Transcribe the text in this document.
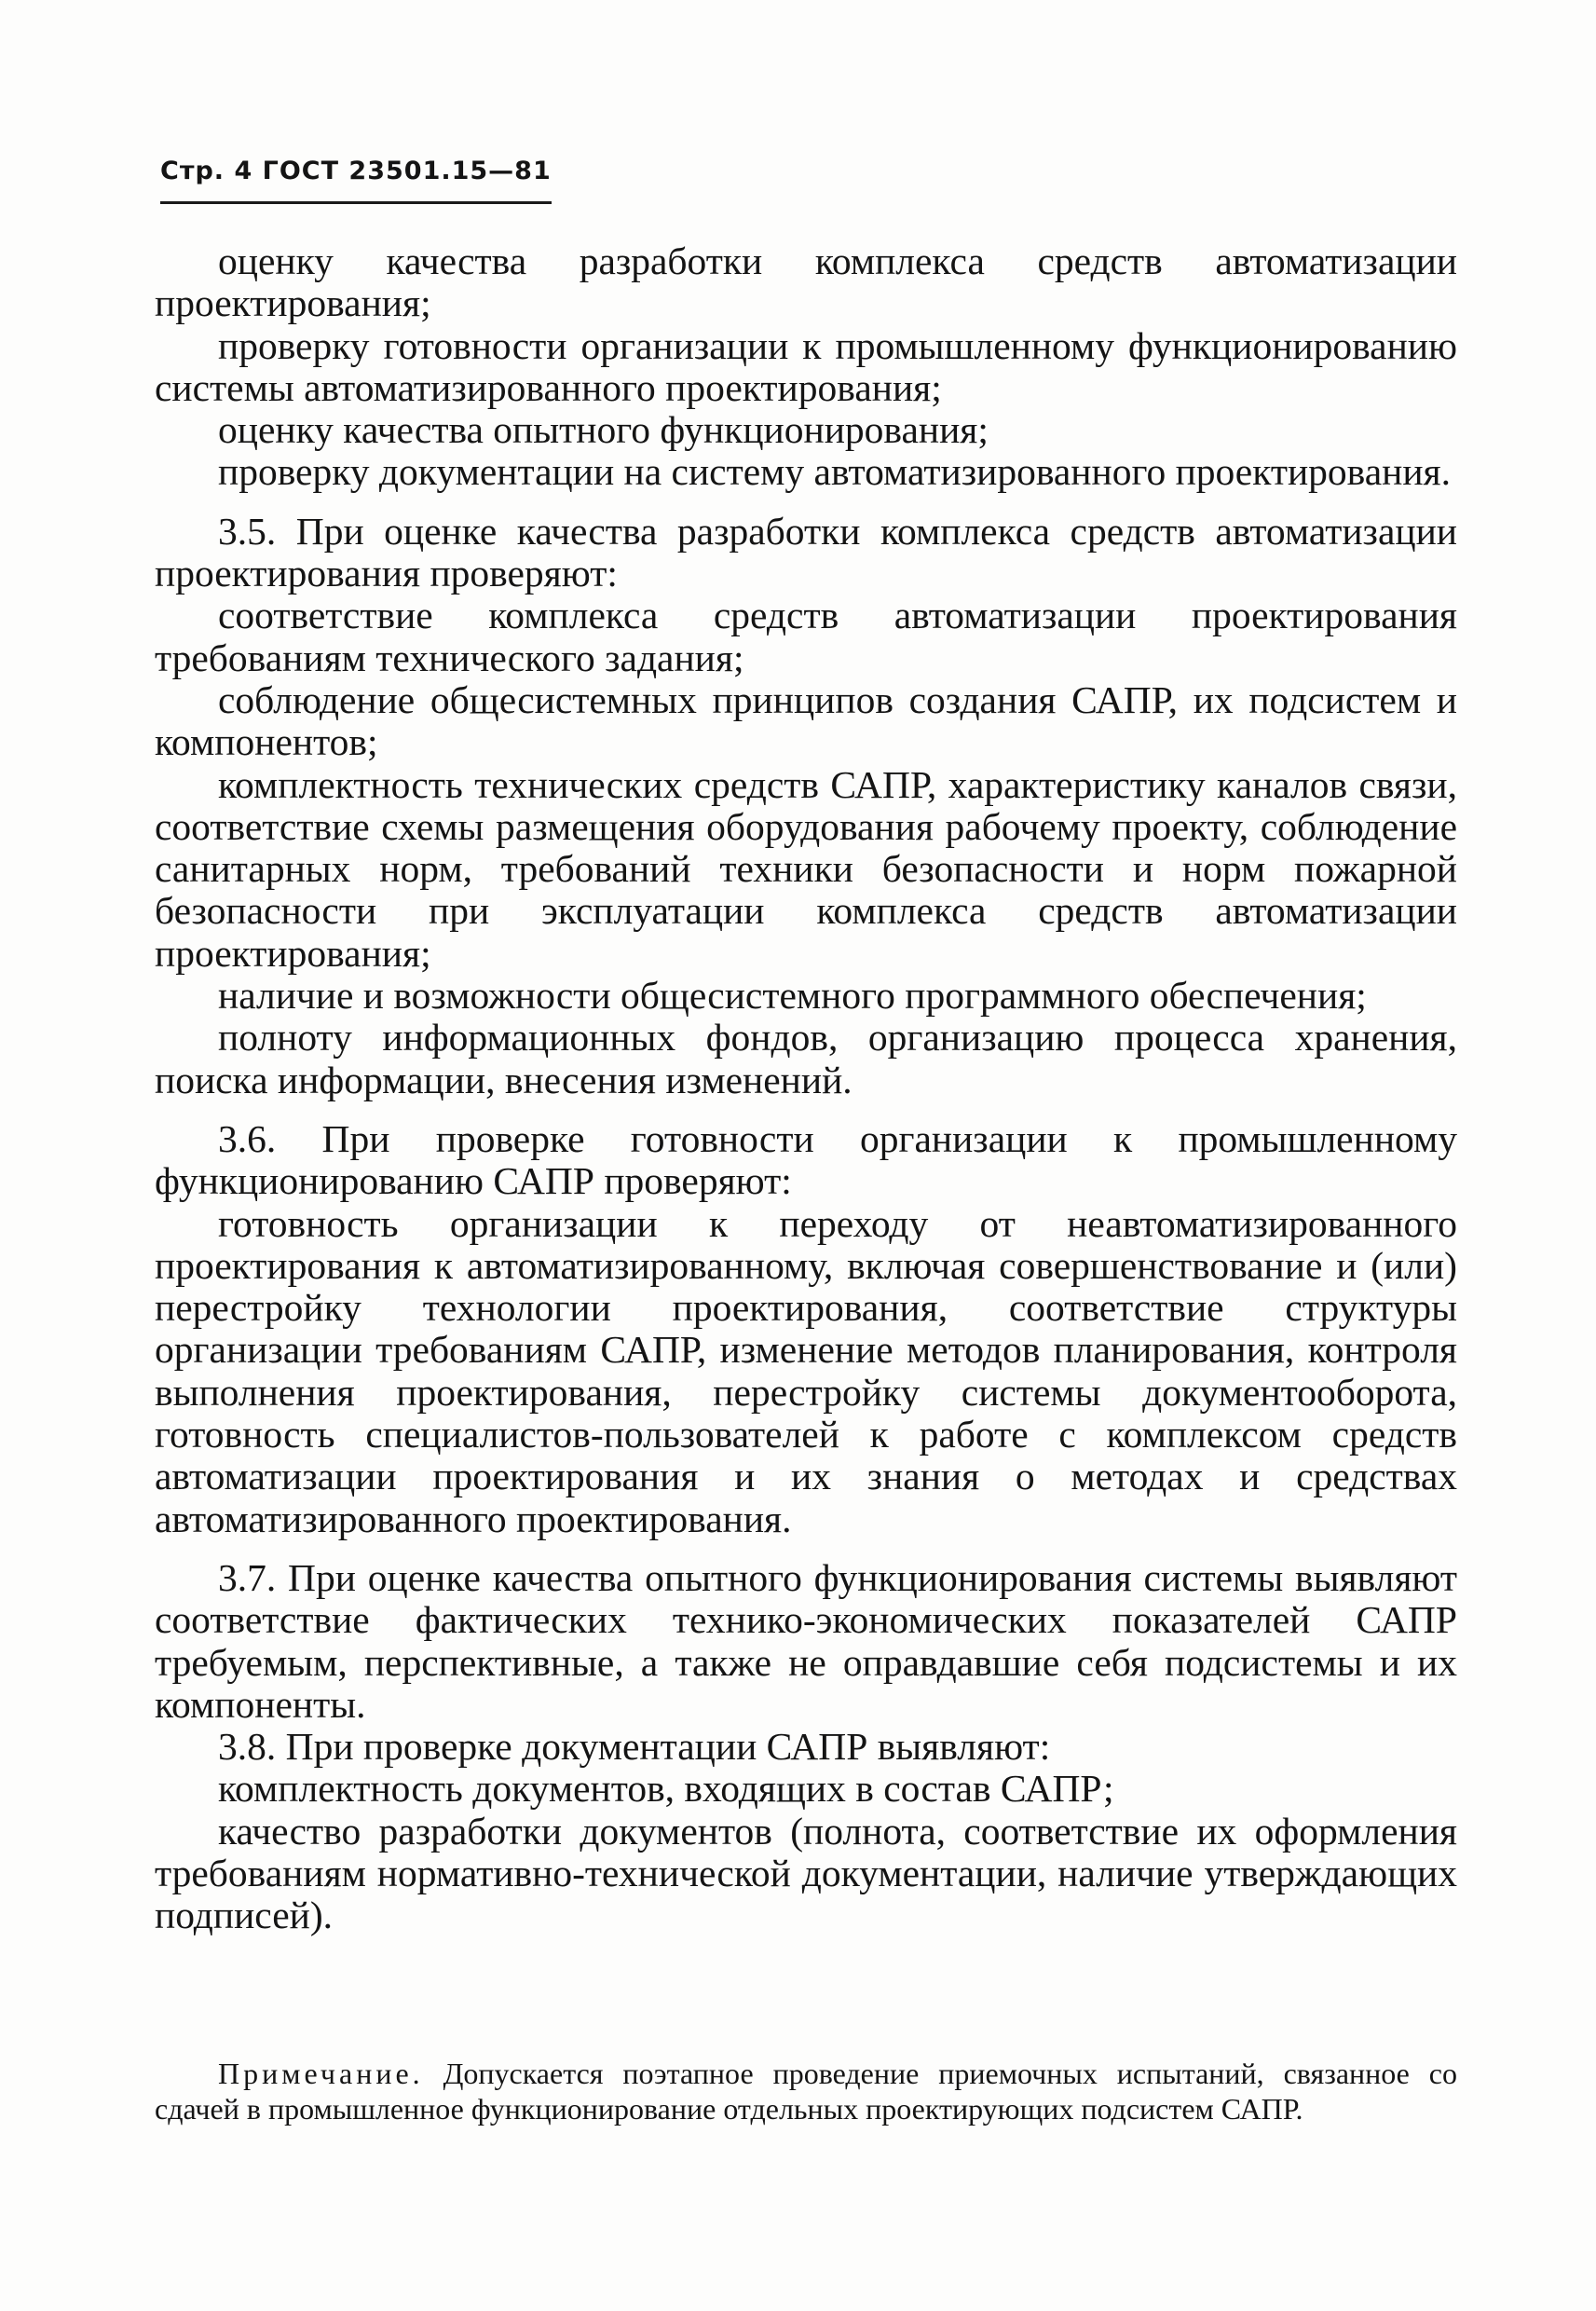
Стр. 4 ГОСТ 23501.15—81

оценку качества разработки комплекса средств автоматизации проектирования;

проверку готовности организации к промышленному функционированию системы автоматизированного проектирования;

оценку качества опытного функционирования;

проверку документации на систему автоматизированного проектирования.

3.5. При оценке качества разработки комплекса средств автоматизации проектирования проверяют:

соответствие комплекса средств автоматизации проектирования требованиям технического задания;

соблюдение общесистемных принципов создания САПР, их подсистем и компонентов;

комплектность технических средств САПР, характеристику каналов связи, соответствие схемы размещения оборудования рабочему проекту, соблюдение санитарных норм, требований техники безопасности и норм пожарной безопасности при эксплуатации комплекса средств автоматизации проектирования;

наличие и возможности общесистемного программного обеспечения;

полноту информационных фондов, организацию процесса хранения, поиска информации, внесения изменений.

3.6. При проверке готовности организации к промышленному функционированию САПР проверяют:

готовность организации к переходу от неавтоматизированного проектирования к автоматизированному, включая совершенствование и (или) перестройку технологии проектирования, соответствие структуры организации требованиям САПР, изменение методов планирования, контроля выполнения проектирования, перестройку системы документооборота, готовность специалистов-пользователей к работе с комплексом средств автоматизации проектирования и их знания о методах и средствах автоматизированного проектирования.

3.7. При оценке качества опытного функционирования системы выявляют соответствие фактических технико-экономических показателей САПР требуемым, перспективные, а также не оправдавшие себя подсистемы и их компоненты.

3.8. При проверке документации САПР выявляют:

комплектность документов, входящих в состав САПР;

качество разработки документов (полнота, соответствие их оформления требованиям нормативно-технической документации, наличие утверждающих подписей).

Примечание. Допускается поэтапное проведение приемочных испытаний, связанное со сдачей в промышленное функционирование отдельных проектирующих подсистем САПР.
